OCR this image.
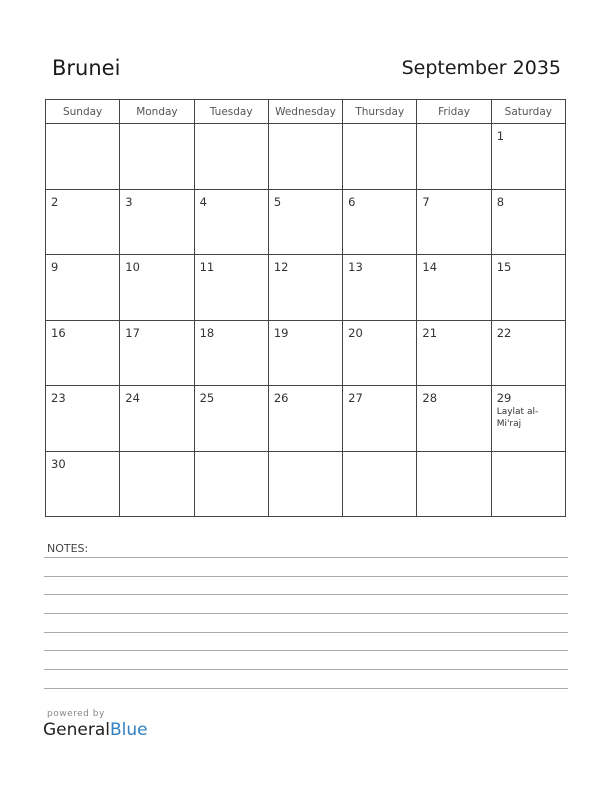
Brunei	September 2035
Sunday	Monday	Tuesday	Wednesday	Thursday	Friday	Saturday

						1

2	3	4	5	6	7	8

9	10	11	12	13	14	15

16	17	18	19	20	21	22

23	24	25	26	27	28	29
Laylat al-Mi'raj

30						

NOTES:
powered by
GeneralBlue
